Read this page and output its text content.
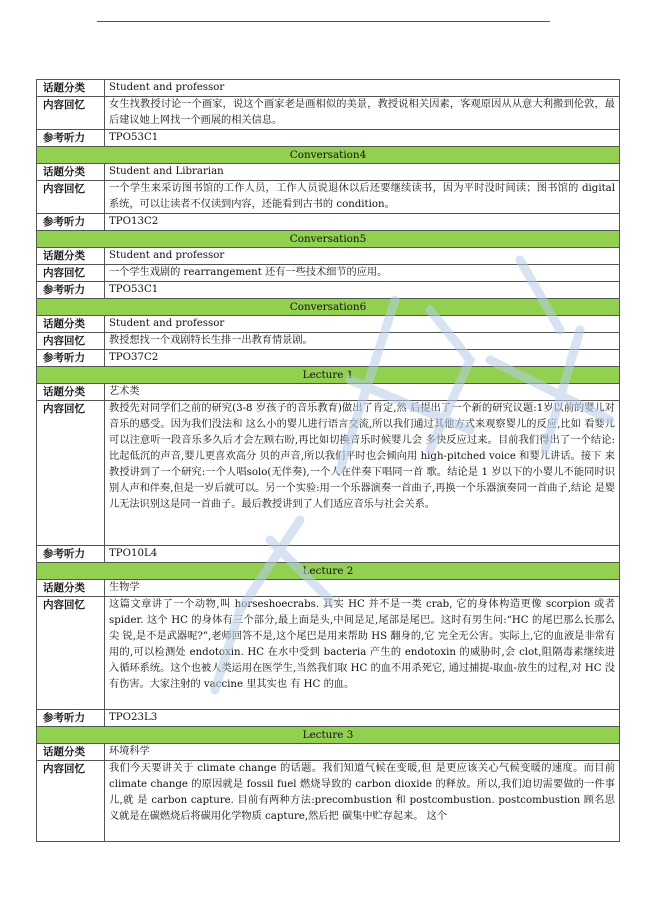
话题分类	Student and professor
内容回忆	女生找教授讨论一个画家，说这个画家老是画相似的美景，教授说相关因素，客观原因从从意大利搬到伦敦，最后建议她上网找一个画展的相关信息。
参考听力	TPO53C1
Conversation4	
话题分类	Student and Librarian
内容回忆	一个学生来采访图书馆的工作人员，工作人员说退休以后还要继续读书，因为平时没时间读；图书馆的 digital 系统，可以让读者不仅读到内容，还能看到古书的 condition。
参考听力	TPO13C2
Conversation5	
话题分类	Student and professor
内容回忆	一个学生戏剧的 rearrangement 还有一些技术细节的应用。
参考听力	TPO53C1
Conversation6	
话题分类	Student and professor
内容回忆	教授想找一个戏剧特长生排一出教育情景剧。
参考听力	TPO37C2
Lecture 1	
话题分类	艺术类
内容回忆	教授先对同学们之前的研究(3-8 岁孩子的音乐教育)做出了肯定,然 后提出了一个新的研究议题:1岁以前的婴儿对音乐的感受。因为我们没法和 这么小的婴儿进行语言交流,所以我们通过其他方式来观察婴儿的反应,比如 看婴儿可以注意听一段音乐多久后才会左顾右盼,再比如切换音乐时候婴儿会 多快反应过来。目前我们得出了一个结论:比起低沉的声音,婴儿更喜欢高分 贝的声音,所以我们平时也会倾向用 high-pitched voice 和婴儿讲话。接下 来教授讲到了一个研究:一个人唱solo(无伴奏),一个人在伴奏下唱同一首 歌。结论是 1 岁以下的小婴儿不能同时识别人声和伴奏,但是一岁后就可以。另一个实验:用一个乐器演奏一首曲子,再换一个乐器演奏同一首曲子,结论 是婴儿无法识别这是同一首曲子。最后教授讲到了人们适应音乐与社会关系。
参考听力	TPO10L4
Lecture 2	
话题分类	生物学
内容回忆	这篇文章讲了一个动物,叫 horseshoecrabs. 其实 HC 并不是一类 crab, 它的身体构造更像 scorpion 或者 spider. 这个 HC 的身体有三个部分,最上面是头,中间是足,尾部是尾巴。这时有男生问:“HC 的尾巴那么长那么尖 锐,是不是武器呢?”,老师回答不是,这个尾巴是用来帮助 HS 翻身的,它 完全无公害。实际上,它的血液是非常有用的,可以检测处 endotoxin. HC 在水中受到 bacteria 产生的 endotoxin 的威胁时,会 clot,阻隔毒素继续进 入循环系统。这个也被人类运用在医学生,当然我们取 HC 的血不用杀死它, 通过捕捉-取血-放生的过程,对 HC 没有伤害。大家注射的 vaccine 里其实也 有 HC 的血。
参考听力	TPO23L3
Lecture 3	
话题分类	环境科学
内容回忆	我们今天要讲关于 climate change 的话题。我们知道气候在变暖,但 是更应该关心气候变暖的速度。而目前 climate change 的原因就是 fossil fuel 燃烧导致的 carbon dioxide 的释放。所以,我们迫切需要做的一件事儿,就 是 carbon capture. 目前有两种方法:precombustion 和 postcombustion. postcombustion 顾名思义就是在碳燃烧后将碳用化学物质 capture,然后把 碳集中贮存起来。 这个
